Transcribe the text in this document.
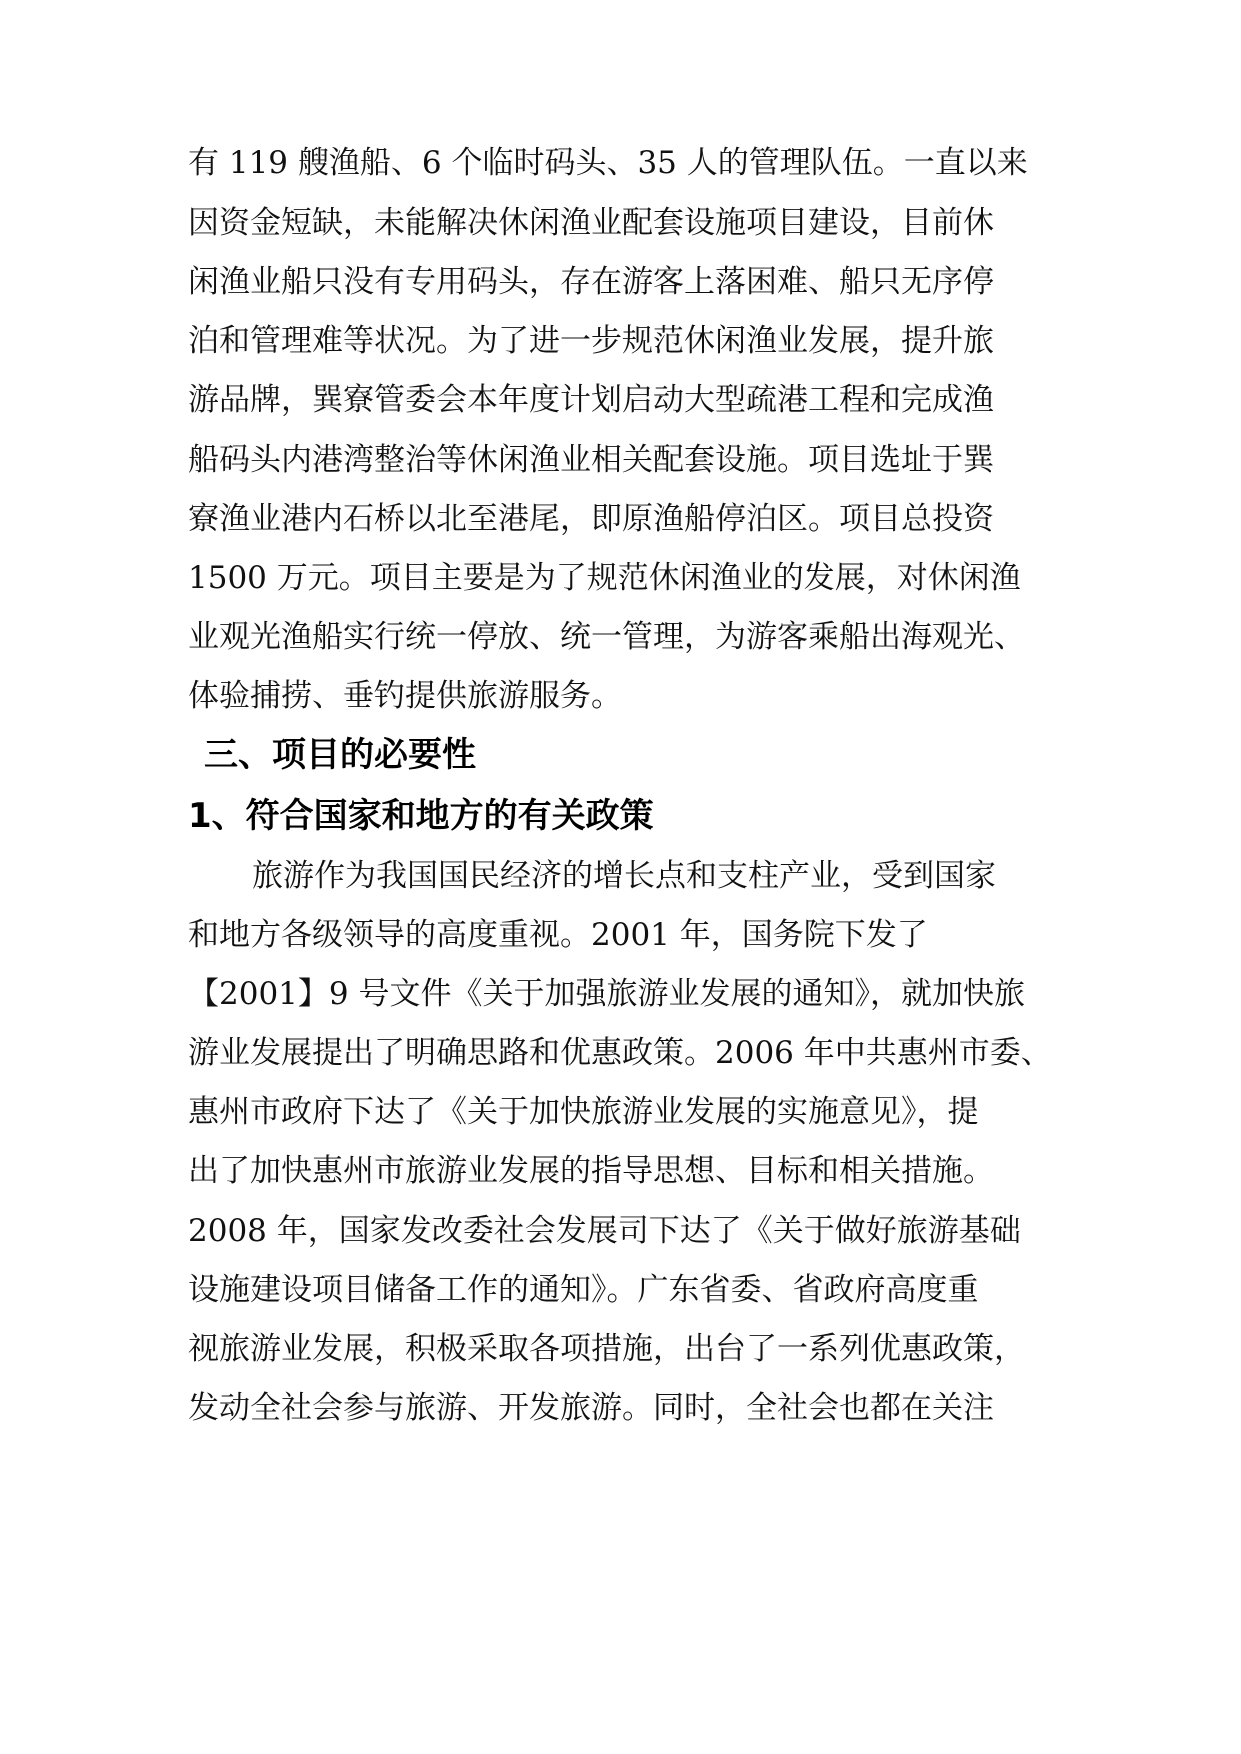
有 119 艘渔船、6 个临时码头、35 人的管理队伍。一直以来
因资金短缺，未能解决休闲渔业配套设施项目建设，目前休
闲渔业船只没有专用码头，存在游客上落困难、船只无序停
泊和管理难等状况。为了进一步规范休闲渔业发展，提升旅
游品牌，巽寮管委会本年度计划启动大型疏港工程和完成渔
船码头内港湾整治等休闲渔业相关配套设施。项目选址于巽
寮渔业港内石桥以北至港尾，即原渔船停泊区。项目总投资
1500 万元。项目主要是为了规范休闲渔业的发展，对休闲渔
业观光渔船实行统一停放、统一管理，为游客乘船出海观光、
体验捕捞、垂钓提供旅游服务。
三、项目的必要性
1、符合国家和地方的有关政策
旅游作为我国国民经济的增长点和支柱产业，受到国家
和地方各级领导的高度重视。2001 年，国务院下发了
【2001】9 号文件《关于加强旅游业发展的通知》，就加快旅
游业发展提出了明确思路和优惠政策。2006 年中共惠州市委、
惠州市政府下达了《关于加快旅游业发展的实施意见》，提
出了加快惠州市旅游业发展的指导思想、目标和相关措施。
2008 年，国家发改委社会发展司下达了《关于做好旅游基础
设施建设项目储备工作的通知》。广东省委、省政府高度重
视旅游业发展，积极采取各项措施，出台了一系列优惠政策，
发动全社会参与旅游、开发旅游。同时，全社会也都在关注
